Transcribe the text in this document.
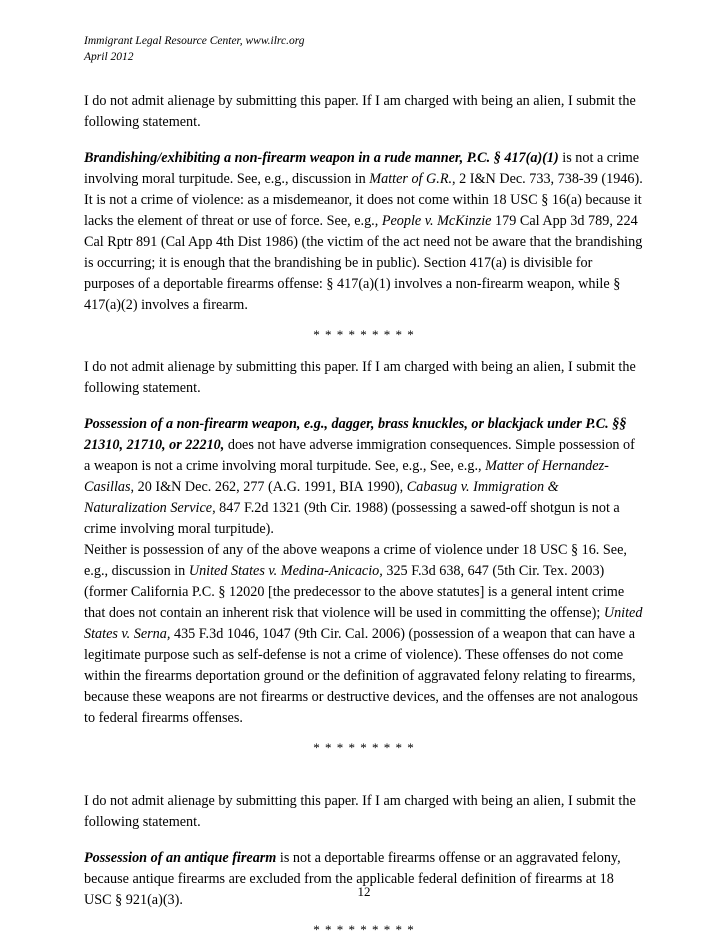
Immigrant Legal Resource Center, www.ilrc.org
April 2012

I do not admit alienage by submitting this paper. If I am charged with being an alien, I submit the following statement.

Brandishing/exhibiting a non-firearm weapon in a rude manner, P.C. § 417(a)(1) is not a crime involving moral turpitude. See, e.g., discussion in Matter of G.R., 2 I&N Dec. 733, 738-39 (1946). It is not a crime of violence: as a misdemeanor, it does not come within 18 USC § 16(a) because it lacks the element of threat or use of force. See, e.g., People v. McKinzie 179 Cal App 3d 789, 224 Cal Rptr 891 (Cal App 4th Dist 1986) (the victim of the act need not be aware that the brandishing is occurring; it is enough that the brandishing be in public). Section 417(a) is divisible for purposes of a deportable firearms offense: § 417(a)(1) involves a non-firearm weapon, while § 417(a)(2) involves a firearm.

* * * * * * * * *

I do not admit alienage by submitting this paper. If I am charged with being an alien, I submit the following statement.

Possession of a non-firearm weapon, e.g., dagger, brass knuckles, or blackjack under P.C. §§ 21310, 21710, or 22210, does not have adverse immigration consequences. Simple possession of a weapon is not a crime involving moral turpitude. See, e.g., See, e.g., Matter of Hernandez-Casillas, 20 I&N Dec. 262, 277 (A.G. 1991, BIA 1990), Cabasug v. Immigration & Naturalization Service, 847 F.2d 1321 (9th Cir. 1988) (possessing a sawed-off shotgun is not a crime involving moral turpitude).

Neither is possession of any of the above weapons a crime of violence under 18 USC § 16. See, e.g., discussion in United States v. Medina-Anicacio, 325 F.3d 638, 647 (5th Cir. Tex. 2003) (former California P.C. § 12020 [the predecessor to the above statutes] is a general intent crime that does not contain an inherent risk that violence will be used in committing the offense); United States v. Serna, 435 F.3d 1046, 1047 (9th Cir. Cal. 2006) (possession of a weapon that can have a legitimate purpose such as self-defense is not a crime of violence). These offenses do not come within the firearms deportation ground or the definition of aggravated felony relating to firearms, because these weapons are not firearms or destructive devices, and the offenses are not analogous to federal firearms offenses.

* * * * * * * * *

I do not admit alienage by submitting this paper. If I am charged with being an alien, I submit the following statement.

Possession of an antique firearm is not a deportable firearms offense or an aggravated felony, because antique firearms are excluded from the applicable federal definition of firearms at 18 USC § 921(a)(3).

* * * * * * * * *
12
